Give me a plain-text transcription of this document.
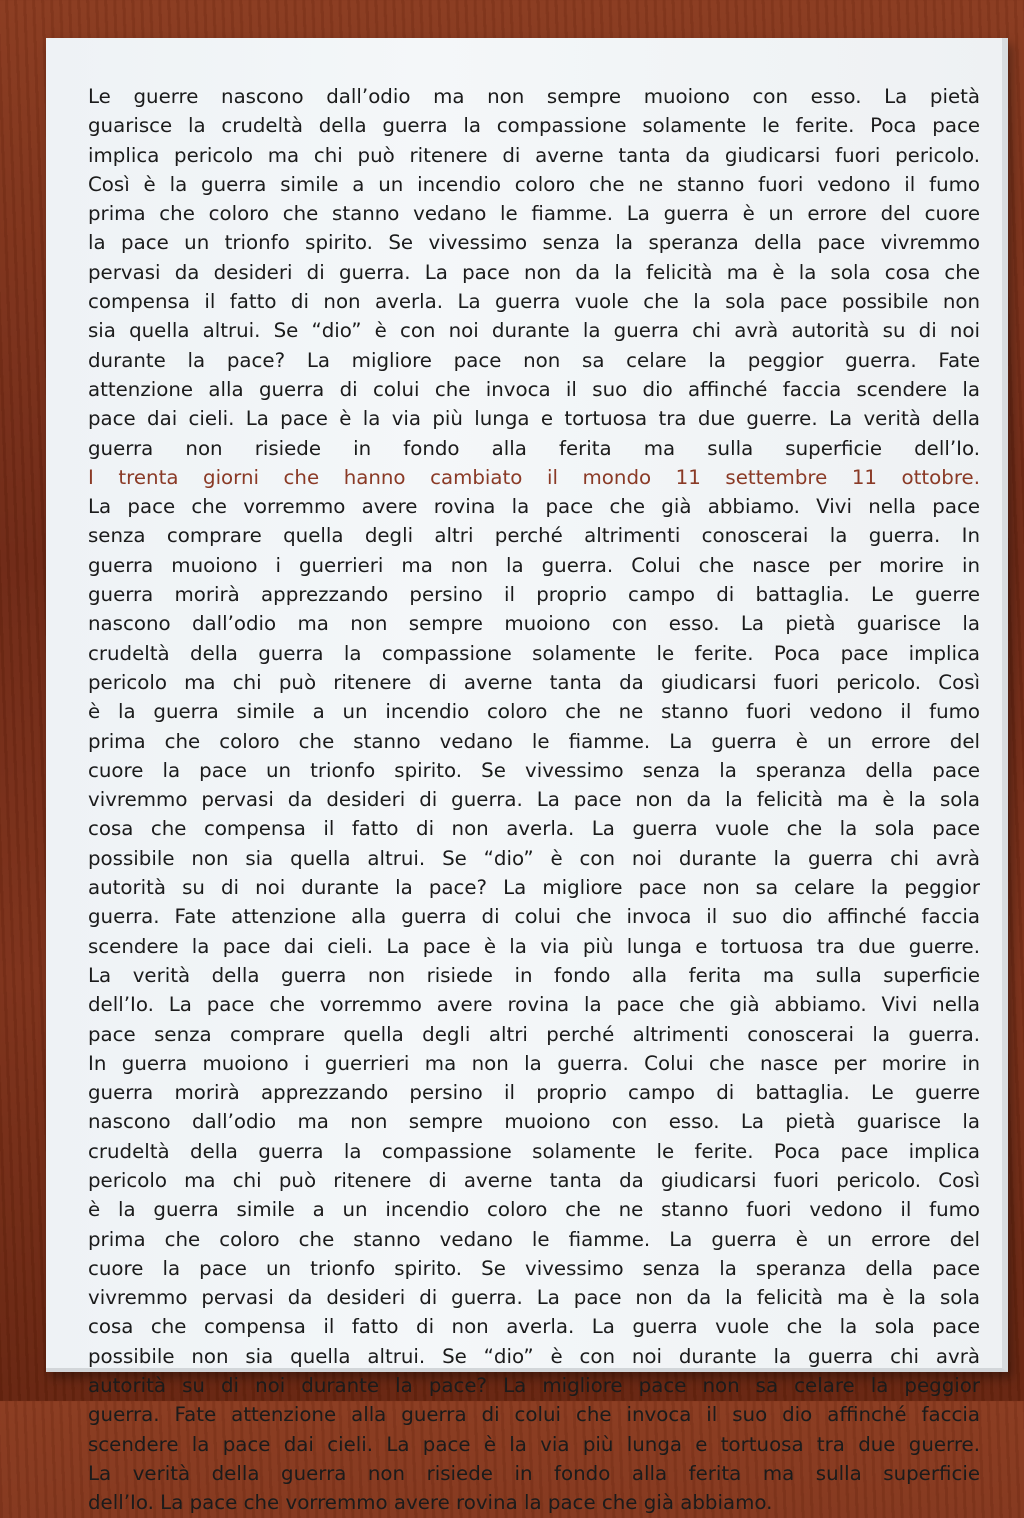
Le guerre nascono dall’odio ma non sempre muoiono con esso. La pietà
guarisce la crudeltà della guerra la compassione solamente le ferite. Poca pace
implica pericolo ma chi può ritenere di averne tanta da giudicarsi fuori pericolo.
Così è la guerra simile a un incendio coloro che ne stanno fuori vedono il fumo
prima che coloro che stanno vedano le fiamme. La guerra è un errore del cuore
la pace un trionfo spirito. Se vivessimo senza la speranza della pace vivremmo
pervasi da desideri di guerra. La pace non da la felicità ma è la sola cosa che
compensa il fatto di non averla. La guerra vuole che la sola pace possibile non
sia quella altrui. Se “dio” è con noi durante la guerra chi avrà autorità su di noi
durante la pace? La migliore pace non sa celare la peggior guerra. Fate
attenzione alla guerra di colui che invoca il suo dio affinché faccia scendere la
pace dai cieli. La pace è la via più lunga e tortuosa tra due guerre. La verità della
guerra non risiede in fondo alla ferita ma sulla superficie dell’Io.
I trenta giorni che hanno cambiato il mondo 11 settembre 11 ottobre.
La pace che vorremmo avere rovina la pace che già abbiamo. Vivi nella pace
senza comprare quella degli altri perché altrimenti conoscerai la guerra. In
guerra muoiono i guerrieri ma non la guerra. Colui che nasce per morire in
guerra morirà apprezzando persino il proprio campo di battaglia. Le guerre
nascono dall’odio ma non sempre muoiono con esso. La pietà guarisce la
crudeltà della guerra la compassione solamente le ferite. Poca pace implica
pericolo ma chi può ritenere di averne tanta da giudicarsi fuori pericolo. Così
è la guerra simile a un incendio coloro che ne stanno fuori vedono il fumo
prima che coloro che stanno vedano le fiamme. La guerra è un errore del
cuore la pace un trionfo spirito. Se vivessimo senza la speranza della pace
vivremmo pervasi da desideri di guerra. La pace non da la felicità ma è la sola
cosa che compensa il fatto di non averla. La guerra vuole che la sola pace
possibile non sia quella altrui. Se “dio” è con noi durante la guerra chi avrà
autorità su di noi durante la pace? La migliore pace non sa celare la peggior
guerra. Fate attenzione alla guerra di colui che invoca il suo dio affinché faccia
scendere la pace dai cieli. La pace è la via più lunga e tortuosa tra due guerre.
La verità della guerra non risiede in fondo alla ferita ma sulla superficie
dell’Io. La pace che vorremmo avere rovina la pace che già abbiamo. Vivi nella
pace senza comprare quella degli altri perché altrimenti conoscerai la guerra.
In guerra muoiono i guerrieri ma non la guerra. Colui che nasce per morire in
guerra morirà apprezzando persino il proprio campo di battaglia. Le guerre
nascono dall’odio ma non sempre muoiono con esso. La pietà guarisce la
crudeltà della guerra la compassione solamente le ferite. Poca pace implica
pericolo ma chi può ritenere di averne tanta da giudicarsi fuori pericolo. Così
è la guerra simile a un incendio coloro che ne stanno fuori vedono il fumo
prima che coloro che stanno vedano le fiamme. La guerra è un errore del
cuore la pace un trionfo spirito. Se vivessimo senza la speranza della pace
vivremmo pervasi da desideri di guerra. La pace non da la felicità ma è la sola
cosa che compensa il fatto di non averla. La guerra vuole che la sola pace
possibile non sia quella altrui. Se “dio” è con noi durante la guerra chi avrà
autorità su di noi durante la pace? La migliore pace non sa celare la peggior
guerra. Fate attenzione alla guerra di colui che invoca il suo dio affinché faccia
scendere la pace dai cieli. La pace è la via più lunga e tortuosa tra due guerre.
La verità della guerra non risiede in fondo alla ferita ma sulla superficie
dell’Io. La pace che vorremmo avere rovina la pace che già abbiamo.
